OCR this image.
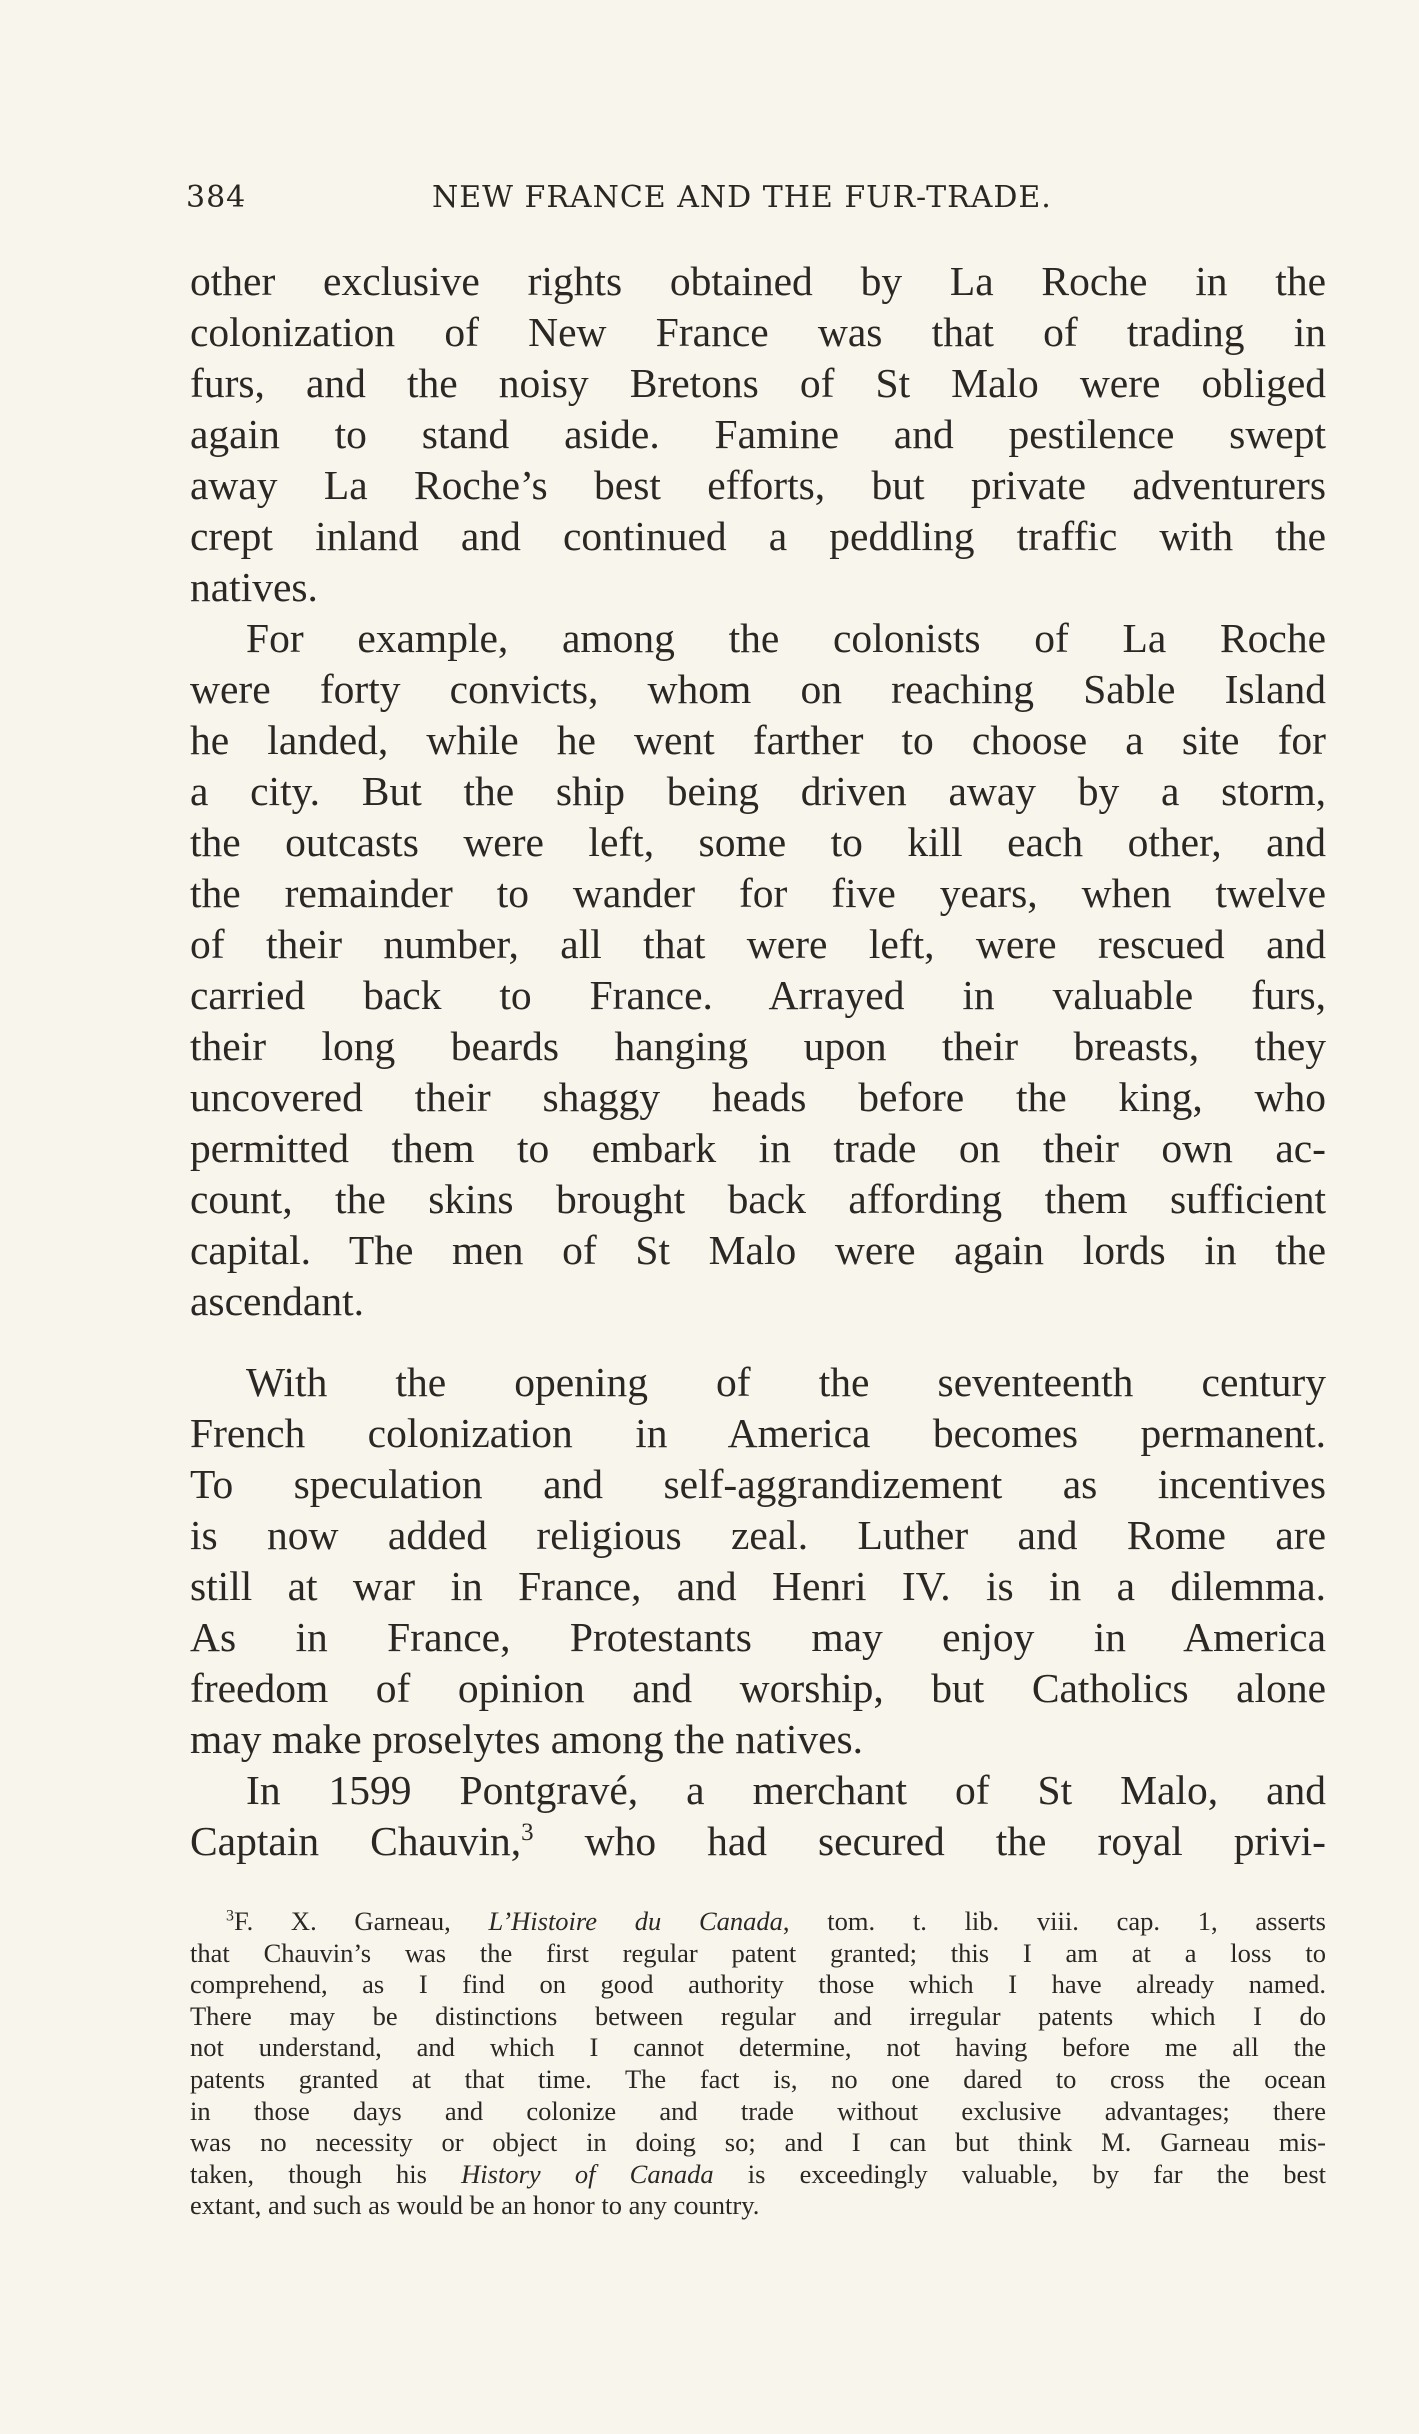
384	NEW FRANCE AND THE FUR-TRADE.
other exclusive rights obtained by La Roche in the
colonization of New France was that of trading in
furs, and the noisy Bretons of St Malo were obliged
again to stand aside. Famine and pestilence swept
away La Roche’s best efforts, but private adventurers
crept inland and continued a peddling traffic with the
natives.
For example, among the colonists of La Roche
were forty convicts, whom on reaching Sable Island
he landed, while he went farther to choose a site for
a city. But the ship being driven away by a storm,
the outcasts were left, some to kill each other, and
the remainder to wander for five years, when twelve
of their number, all that were left, were rescued and
carried back to France. Arrayed in valuable furs,
their long beards hanging upon their breasts, they
uncovered their shaggy heads before the king, who
permitted them to embark in trade on their own ac-
count, the skins brought back affording them sufficient
capital. The men of St Malo were again lords in the
ascendant.
With the opening of the seventeenth century
French colonization in America becomes permanent.
To speculation and self-aggrandizement as incentives
is now added religious zeal. Luther and Rome are
still at war in France, and Henri IV. is in a dilemma.
As in France, Protestants may enjoy in America
freedom of opinion and worship, but Catholics alone
may make proselytes among the natives.
In 1599 Pontgravé, a merchant of St Malo, and
Captain Chauvin,$^3$ who had secured the royal privi-
$^3$F. X. Garneau, L’Histoire du Canada, tom. t. lib. viii. cap. 1, asserts
that Chauvin’s was the first regular patent granted; this I am at a loss to
comprehend, as I find on good authority those which I have already named.
There may be distinctions between regular and irregular patents which I do
not understand, and which I cannot determine, not having before me all the
patents granted at that time. The fact is, no one dared to cross the ocean
in those days and colonize and trade without exclusive advantages; there
was no necessity or object in doing so; and I can but think M. Garneau mis-
taken, though his History of Canada is exceedingly valuable, by far the best
extant, and such as would be an honor to any country.
